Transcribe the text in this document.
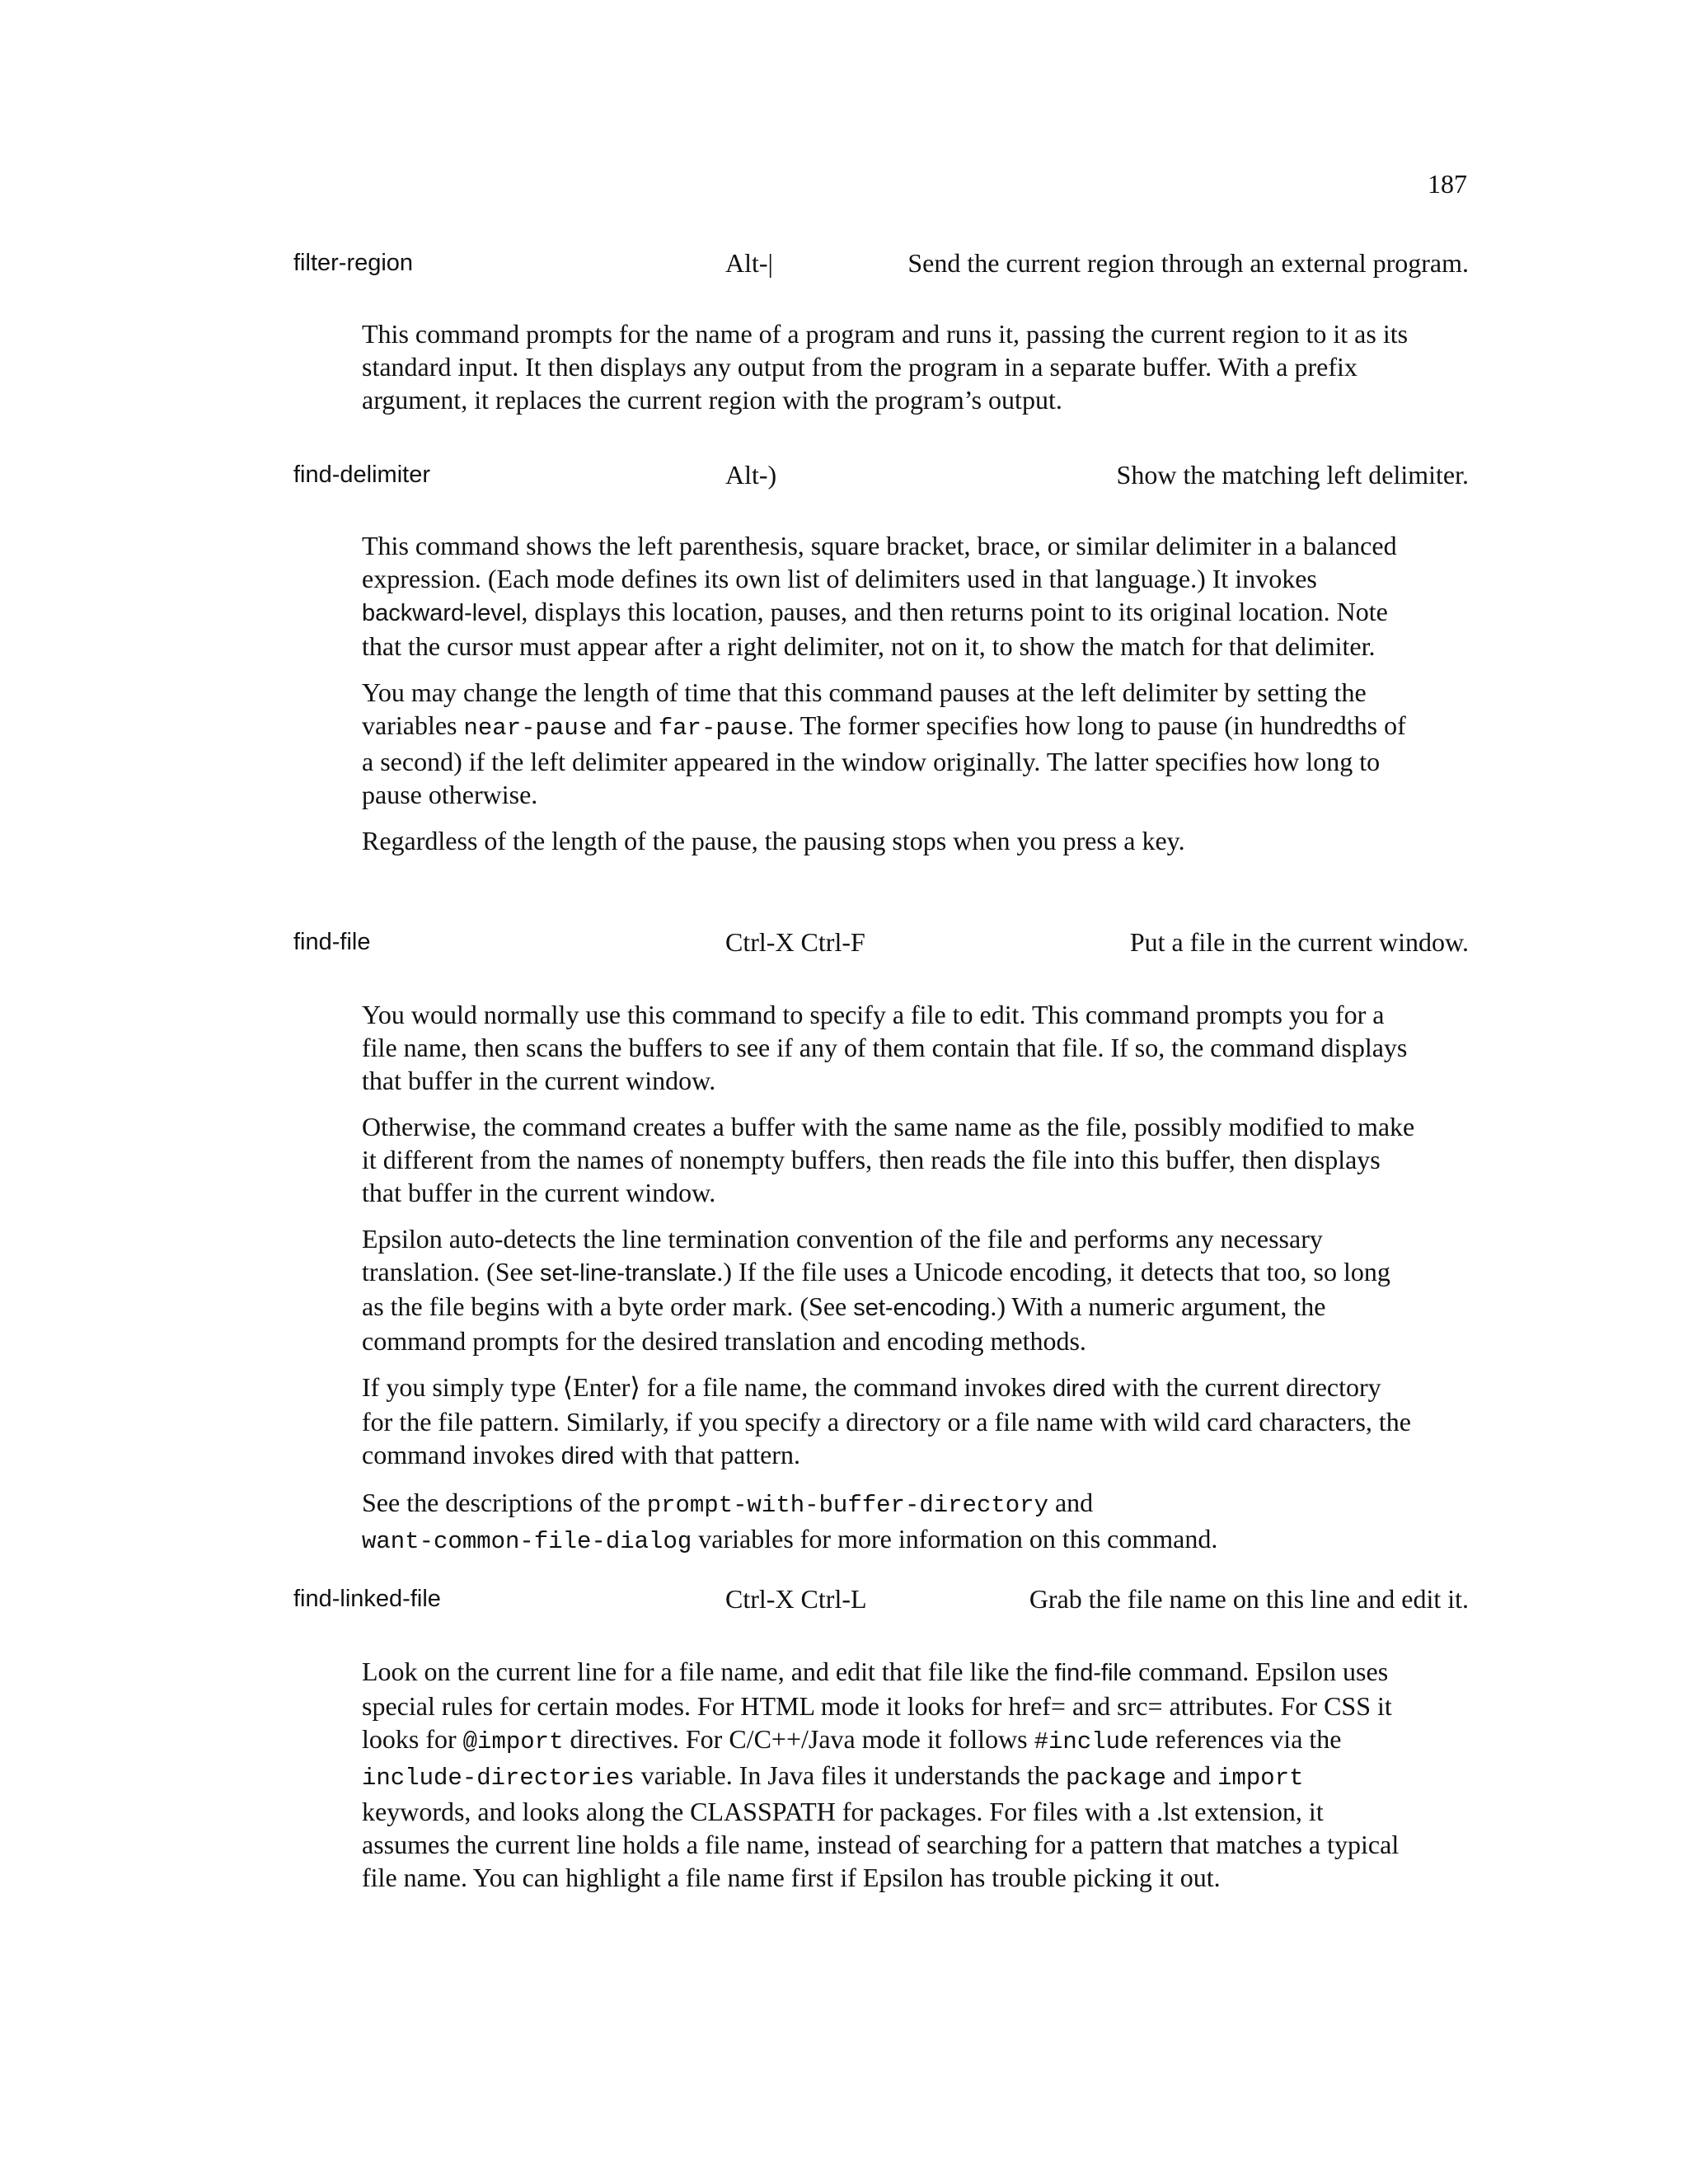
187
filter-region	Alt-|	Send the current region through an external program.

This command prompts for the name of a program and runs it, passing the current region to it as its standard input. It then displays any output from the program in a separate buffer. With a prefix argument, it replaces the current region with the program’s output.

find-delimiter	Alt-)	Show the matching left delimiter.

This command shows the left parenthesis, square bracket, brace, or similar delimiter in a balanced expression. (Each mode defines its own list of delimiters used in that language.) It invokes backward-level, displays this location, pauses, and then returns point to its original location. Note that the cursor must appear after a right delimiter, not on it, to show the match for that delimiter.

You may change the length of time that this command pauses at the left delimiter by setting the variables near-pause and far-pause. The former specifies how long to pause (in hundredths of a second) if the left delimiter appeared in the window originally. The latter specifies how long to pause otherwise.

Regardless of the length of the pause, the pausing stops when you press a key.

find-file	Ctrl-X Ctrl-F	Put a file in the current window.

You would normally use this command to specify a file to edit. This command prompts you for a file name, then scans the buffers to see if any of them contain that file. If so, the command displays that buffer in the current window.

Otherwise, the command creates a buffer with the same name as the file, possibly modified to make it different from the names of nonempty buffers, then reads the file into this buffer, then displays that buffer in the current window.

Epsilon auto-detects the line termination convention of the file and performs any necessary translation. (See set-line-translate.) If the file uses a Unicode encoding, it detects that too, so long as the file begins with a byte order mark. (See set-encoding.) With a numeric argument, the command prompts for the desired translation and encoding methods.

If you simply type ⟨Enter⟩ for a file name, the command invokes dired with the current directory for the file pattern. Similarly, if you specify a directory or a file name with wild card characters, the command invokes dired with that pattern.

See the descriptions of the prompt-with-buffer-directory and
want-common-file-dialog variables for more information on this command.

find-linked-file	Ctrl-X Ctrl-L	Grab the file name on this line and edit it.

Look on the current line for a file name, and edit that file like the find-file command. Epsilon uses special rules for certain modes. For HTML mode it looks for href= and src= attributes. For CSS it looks for @import directives. For C/C++/Java mode it follows #include references via the include-directories variable. In Java files it understands the package and import keywords, and looks along the CLASSPATH for packages. For files with a .lst extension, it assumes the current line holds a file name, instead of searching for a pattern that matches a typical file name. You can highlight a file name first if Epsilon has trouble picking it out.
